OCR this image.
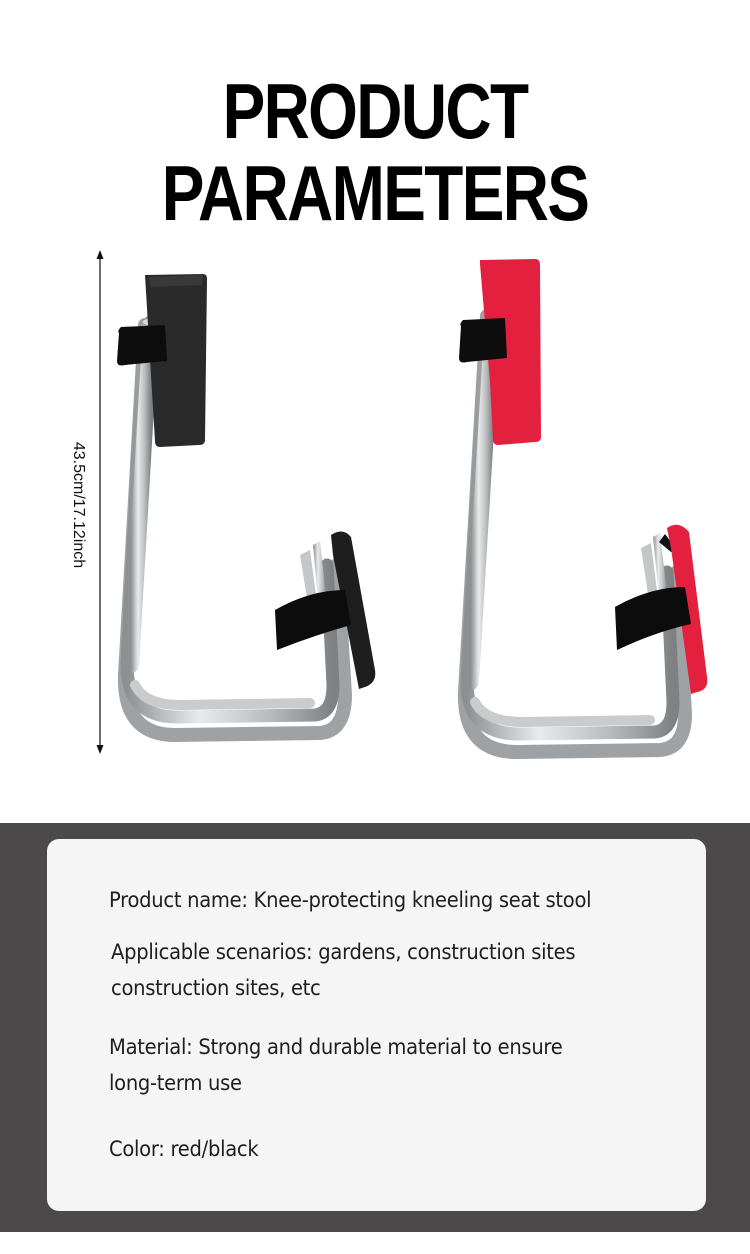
PRODUCT PARAMETERS
43.5cm/17.12inch

Product name: Knee-protecting kneeling seat stool

Applicable scenarios: gardens, construction sites
construction sites, etc
Material: Strong and durable material to ensure
long-term use

Color: red/black
